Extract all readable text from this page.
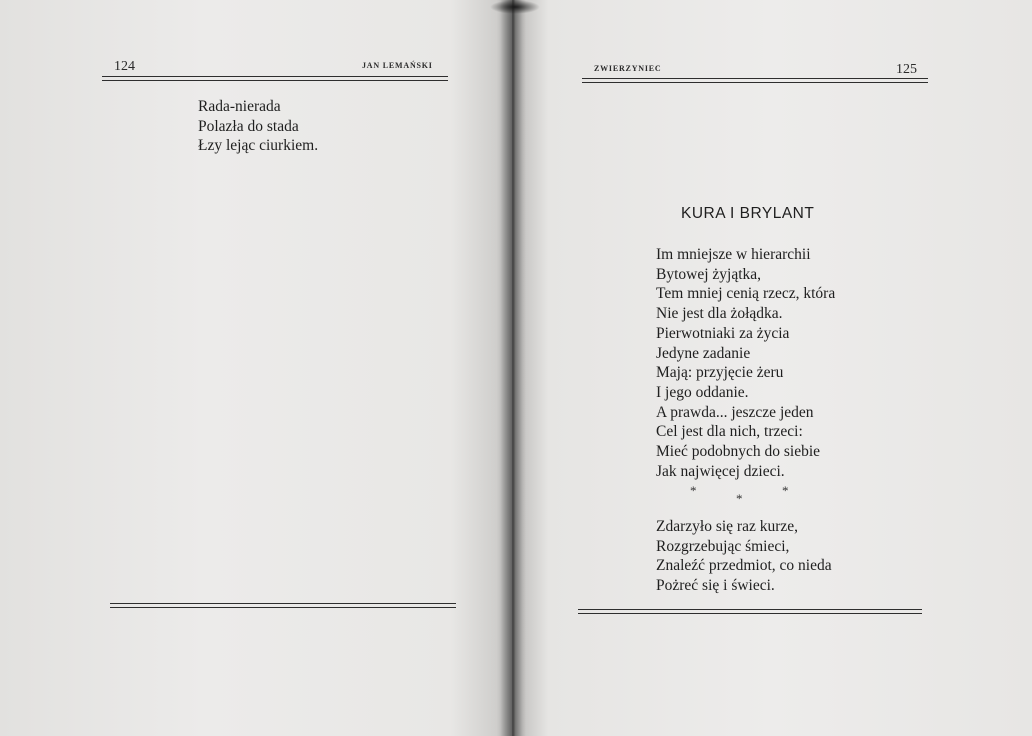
124	JAN LEMAŃSKI
Rada-nierada
Polazła do stada
Łzy lejąc ciurkiem.
ZWIERZYNIEC	125
KURA I BRYLANT
Im mniejsze w hierarchii
Bytowej żyjątka,
Tem mniej cenią rzecz, która
Nie jest dla żołądka.
Pierwotniaki za życia
Jedyne zadanie
Mają: przyjęcie żeru
I jego oddanie.
A prawda... jeszcze jeden
Cel jest dla nich, trzeci:
Mieć podobnych do siebie
Jak najwięcej dzieci.
*
*
*
Zdarzyło się raz kurze,
Rozgrzebując śmieci,
Znaleźć przedmiot, co nieda
Pożreć się i świeci.
